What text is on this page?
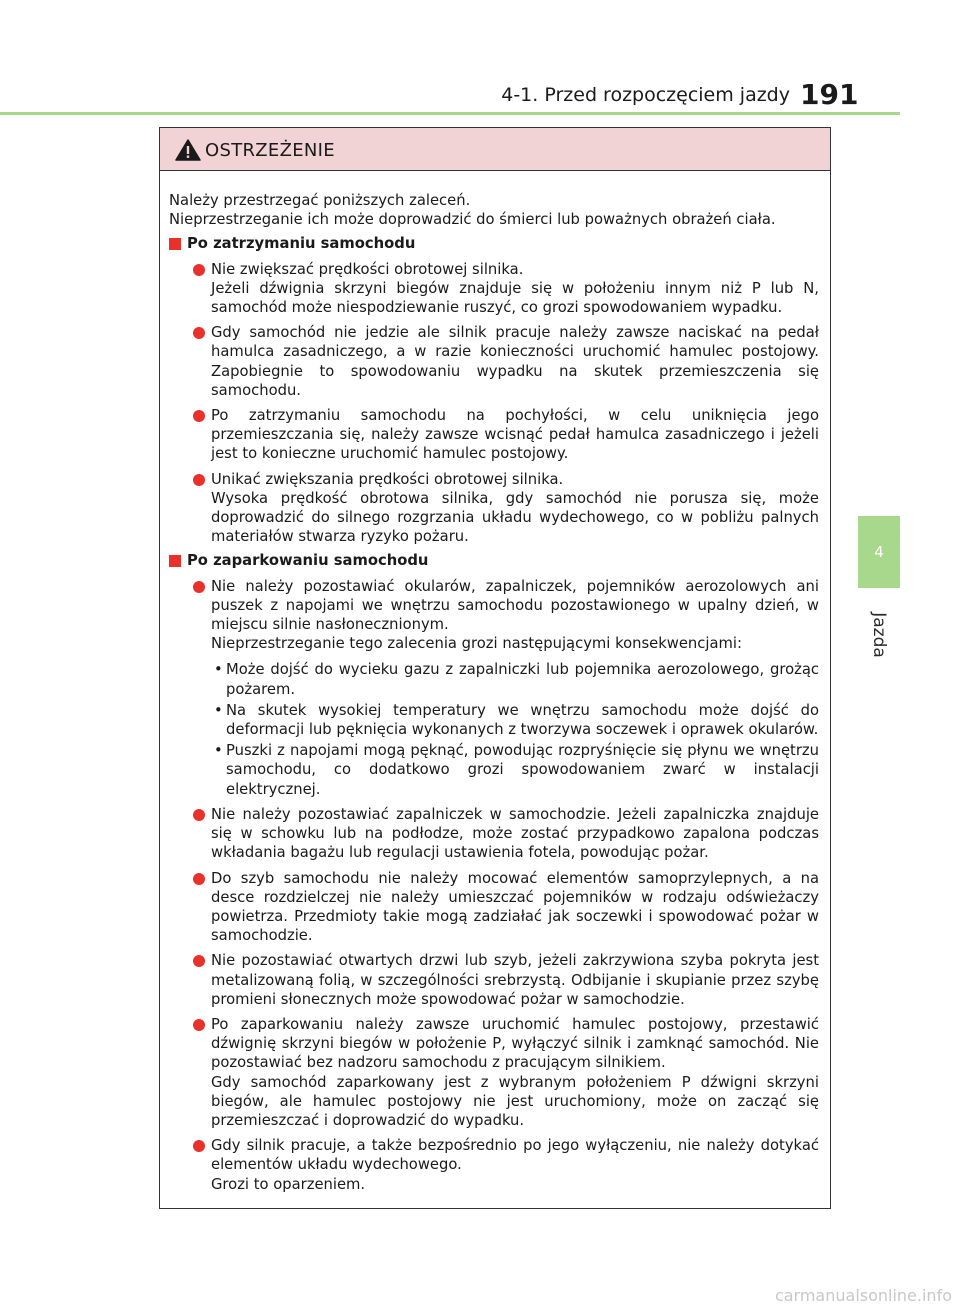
4-1. Przed rozpoczęciem jazdy 191
4
Jazda
OSTRZEŻENIE

Należy przestrzegać poniższych zaleceń.

Nieprzestrzeganie ich może doprowadzić do śmierci lub poważnych obrażeń ciała.

Po zatrzymaniu samochodu

Nie zwiększać prędkości obrotowej silnika.

Jeżeli dźwignia skrzyni biegów znajduje się w położeniu innym niż P lub N, samochód może niespodziewanie ruszyć, co grozi spowodowaniem wypadku.

Gdy samochód nie jedzie ale silnik pracuje należy zawsze naciskać na pedał hamulca zasadniczego, a w razie konieczności uruchomić hamulec postojowy. Zapobiegnie to spowodowaniu wypadku na skutek przemieszczenia się samochodu.

Po zatrzymaniu samochodu na pochyłości, w celu uniknięcia jego przemieszczania się, należy zawsze wcisnąć pedał hamulca zasadniczego i jeżeli jest to konieczne uruchomić hamulec postojowy.

Unikać zwiększania prędkości obrotowej silnika.

Wysoka prędkość obrotowa silnika, gdy samochód nie porusza się, może doprowadzić do silnego rozgrzania układu wydechowego, co w pobliżu palnych materiałów stwarza ryzyko pożaru.

Po zaparkowaniu samochodu

Nie należy pozostawiać okularów, zapalniczek, pojemników aerozolowych ani puszek z napojami we wnętrzu samochodu pozostawionego w upalny dzień, w miejscu silnie nasłonecznionym.

Nieprzestrzeganie tego zalecenia grozi następującymi konsekwencjami:

• Może dojść do wycieku gazu z zapalniczki lub pojemnika aerozolowego, grożąc pożarem.
• Na skutek wysokiej temperatury we wnętrzu samochodu może dojść do deformacji lub pęknięcia wykonanych z tworzywa soczewek i oprawek okularów.
• Puszki z napojami mogą pęknąć, powodując rozpryśnięcie się płynu we wnętrzu samochodu, co dodatkowo grozi spowodowaniem zwarć w instalacji elektrycznej.

Nie należy pozostawiać zapalniczek w samochodzie. Jeżeli zapalniczka znajduje się w schowku lub na podłodze, może zostać przypadkowo zapalona podczas wkładania bagażu lub regulacji ustawienia fotela, powodując pożar.

Do szyb samochodu nie należy mocować elementów samoprzylepnych, a na desce rozdzielczej nie należy umieszczać pojemników w rodzaju odświeżaczy powietrza. Przedmioty takie mogą zadziałać jak soczewki i spowodować pożar w samochodzie.

Nie pozostawiać otwartych drzwi lub szyb, jeżeli zakrzywiona szyba pokryta jest metalizowaną folią, w szczególności srebrzystą. Odbijanie i skupianie przez szybę promieni słonecznych może spowodować pożar w samochodzie.

Po zaparkowaniu należy zawsze uruchomić hamulec postojowy, przestawić dźwignię skrzyni biegów w położenie P, wyłączyć silnik i zamknąć samochód. Nie pozostawiać bez nadzoru samochodu z pracującym silnikiem.

Gdy samochód zaparkowany jest z wybranym położeniem P dźwigni skrzyni biegów, ale hamulec postojowy nie jest uruchomiony, może on zacząć się przemieszczać i doprowadzić do wypadku.

Gdy silnik pracuje, a także bezpośrednio po jego wyłączeniu, nie należy dotykać elementów układu wydechowego.

Grozi to oparzeniem.

carmanualsonline.info
